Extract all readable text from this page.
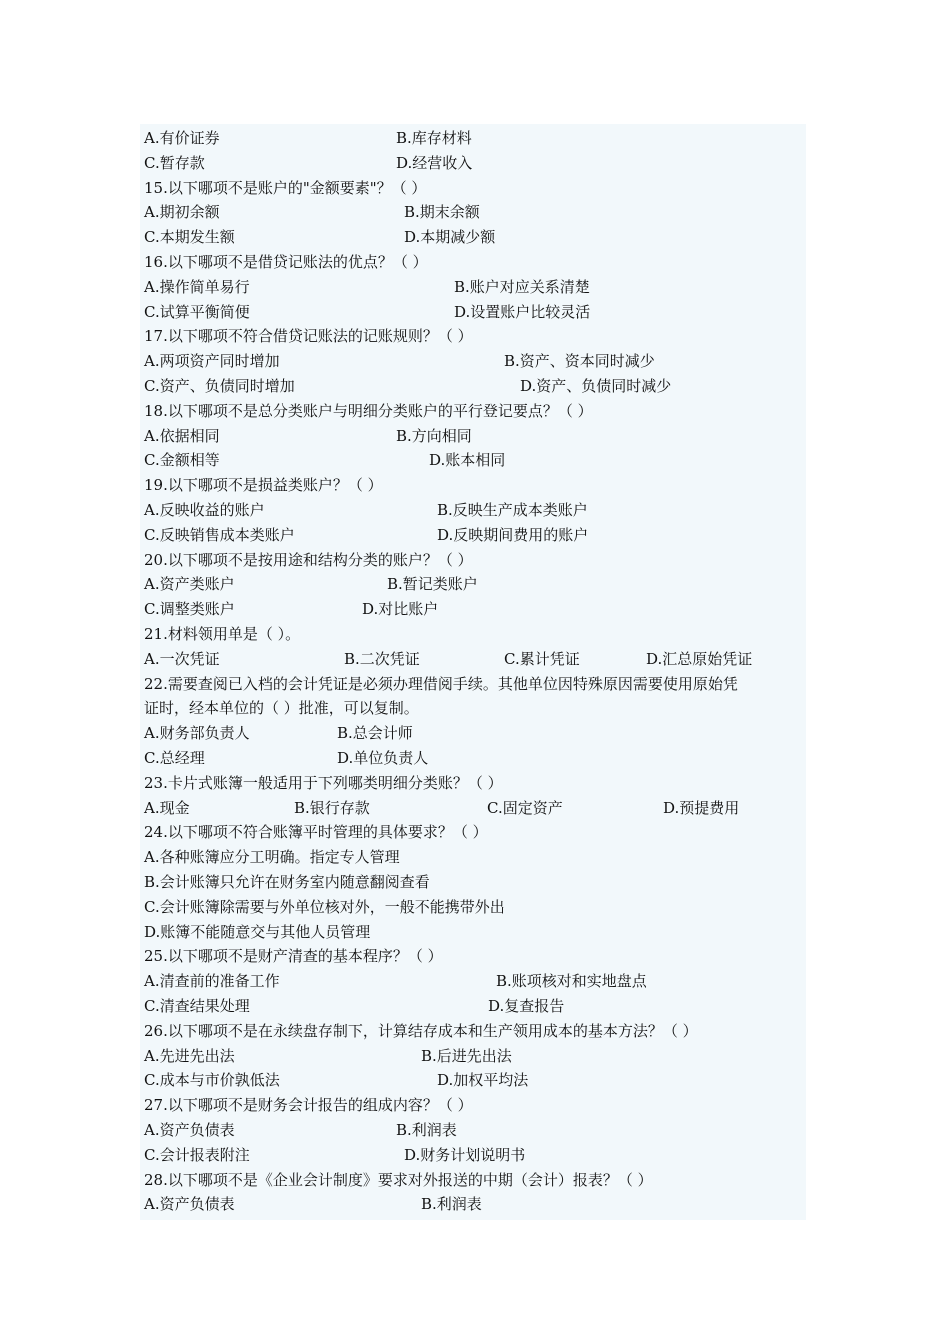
A.有价证券	B.库存材料
C.暂存款	D.经营收入
15.以下哪项不是账户的"金额要素"？（ ）
A.期初余额	B.期末余额
C.本期发生额	D.本期减少额
16.以下哪项不是借贷记账法的优点？（ ）
A.操作简单易行	B.账户对应关系清楚
C.试算平衡简便	D.设置账户比较灵活
17.以下哪项不符合借贷记账法的记账规则？（ ）
A.两项资产同时增加	B.资产、资本同时减少
C.资产、负债同时增加	D.资产、负债同时减少
18.以下哪项不是总分类账户与明细分类账户的平行登记要点？（ ）
A.依据相同	B.方向相同
C.金额相等	D.账本相同
19.以下哪项不是损益类账户？（ ）
A.反映收益的账户	B.反映生产成本类账户
C.反映销售成本类账户	D.反映期间费用的账户
20.以下哪项不是按用途和结构分类的账户？（ ）
A.资产类账户	B.暂记类账户
C.调整类账户	D.对比账户
21.材料领用单是（ ）。
A.一次凭证	B.二次凭证	C.累计凭证	D.汇总原始凭证
22.需要查阅已入档的会计凭证是必须办理借阅手续。其他单位因特殊原因需要使用原始凭
证时，经本单位的（ ）批准，可以复制。
A.财务部负责人	B.总会计师
C.总经理	D.单位负责人
23.卡片式账簿一般适用于下列哪类明细分类账？（ ）
A.现金	B.银行存款	C.固定资产	D.预提费用
24.以下哪项不符合账簿平时管理的具体要求？（ ）
A.各种账簿应分工明确。指定专人管理
B.会计账簿只允许在财务室内随意翻阅查看
C.会计账簿除需要与外单位核对外，一般不能携带外出
D.账簿不能随意交与其他人员管理
25.以下哪项不是财产清查的基本程序？（ ）
A.清查前的准备工作	B.账项核对和实地盘点
C.清查结果处理	D.复查报告
26.以下哪项不是在永续盘存制下，计算结存成本和生产领用成本的基本方法？（ ）
A.先进先出法	B.后进先出法
C.成本与市价孰低法	D.加权平均法
27.以下哪项不是财务会计报告的组成内容？（ ）
A.资产负债表	B.利润表
C.会计报表附注	D.财务计划说明书
28.以下哪项不是《企业会计制度》要求对外报送的中期（会计）报表？（ ）
A.资产负债表	B.利润表
